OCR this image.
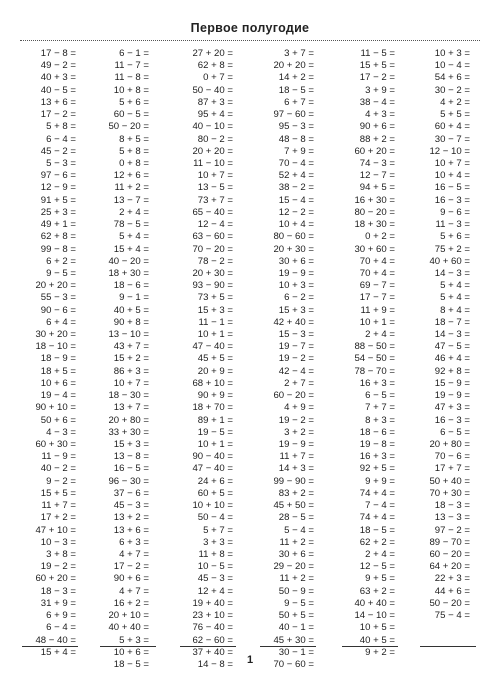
Первое полугодие
17 − 8 =
49 − 2 =
40 + 3 =
40 − 5 =
13 + 6 =
17 − 2 =
5 + 8 =
6 − 4 =
45 − 2 =
5 − 3 =
97 − 6 =
12 − 9 =
91 + 5 =
25 + 3 =
49 + 1 =
62 + 8 =
99 − 8 =
6 + 2 =
9 − 5 =
20 + 20 =
55 − 3 =
90 − 6 =
6 + 4 =
30 + 20 =
18 − 10 =
18 − 9 =
18 + 5 =
10 + 6 =
19 − 4 =
90 + 10 =
50 + 6 =
4 − 3 =
60 + 30 =
11 − 9 =
40 − 2 =
9 − 2 =
15 + 5 =
11 + 7 =
17 + 2 =
47 + 10 =
10 − 3 =
3 + 8 =
19 − 2 =
60 + 20 =
18 − 3 =
31 + 9 =
6 + 9 =
6 − 4 =
48 − 40 =
15 + 4 =
6 − 1 =
11 − 7 =
11 − 8 =
10 + 8 =
5 + 6 =
60 − 5 =
50 − 20 =
8 + 5 =
5 + 8 =
0 + 8 =
12 + 6 =
11 + 2 =
13 − 7 =
2 + 4 =
78 − 5 =
5 + 4 =
15 + 4 =
40 − 20 =
18 + 30 =
18 − 6 =
9 − 1 =
40 + 5 =
90 + 8 =
13 − 10 =
43 + 7 =
15 + 2 =
86 + 3 =
10 + 7 =
18 − 30 =
13 + 7 =
20 + 80 =
33 + 30 =
15 + 3 =
13 − 8 =
16 − 5 =
96 − 30 =
37 − 6 =
45 − 3 =
13 + 2 =
13 + 6 =
6 + 3 =
4 + 7 =
17 − 2 =
90 + 6 =
4 + 7 =
16 + 2 =
20 + 10 =
40 + 40 =
5 + 3 =
10 + 6 =
18 − 5 =
27 + 20 =
62 + 8 =
0 + 7 =
50 − 40 =
87 + 3 =
95 + 4 =
40 − 10 =
80 − 2 =
20 + 20 =
11 − 10 =
10 + 7 =
13 − 5 =
73 + 7 =
65 − 40 =
12 − 4 =
63 − 60 =
70 − 20 =
78 − 2 =
20 + 30 =
93 − 90 =
73 + 5 =
15 + 3 =
11 − 1 =
10 + 1 =
47 − 40 =
45 + 5 =
20 + 9 =
68 + 10 =
90 + 9 =
18 + 70 =
89 + 1 =
19 − 5 =
10 + 1 =
90 − 40 =
47 − 40 =
24 + 6 =
60 + 5 =
10 + 10 =
50 − 4 =
5 + 7 =
3 + 3 =
11 + 8 =
10 − 5 =
45 − 3 =
12 + 4 =
19 + 40 =
23 + 10 =
76 − 40 =
62 − 60 =
37 + 40 =
14 − 8 =
3 + 7 =
20 + 20 =
14 + 2 =
18 − 5 =
6 + 7 =
97 − 60 =
95 − 3 =
48 − 8 =
7 + 9 =
70 − 4 =
52 + 4 =
38 − 2 =
15 − 4 =
12 − 2 =
10 + 4 =
80 − 60 =
20 + 30 =
30 + 6 =
19 − 9 =
10 + 3 =
6 − 2 =
15 + 3 =
42 + 40 =
15 − 3 =
19 − 7 =
19 − 2 =
42 − 4 =
2 + 7 =
60 − 20 =
4 + 9 =
19 − 2 =
3 + 2 =
19 − 9 =
11 + 7 =
14 + 3 =
99 − 90 =
83 + 2 =
45 + 50 =
28 − 5 =
5 − 4 =
11 + 2 =
30 + 6 =
29 − 20 =
11 + 2 =
50 − 9 =
9 − 5 =
50 + 5 =
40 − 1 =
45 + 30 =
30 − 1 =
70 − 60 =
11 − 5 =
15 + 5 =
17 − 2 =
3 + 9 =
38 − 4 =
4 + 3 =
90 + 6 =
88 + 2 =
60 + 20 =
74 − 3 =
12 − 7 =
94 + 5 =
16 + 30 =
80 − 20 =
18 + 30 =
0 + 2 =
30 + 60 =
70 + 4 =
70 + 4 =
69 − 7 =
17 − 7 =
11 + 9 =
10 + 1 =
2 + 4 =
88 − 50 =
54 − 50 =
78 − 70 =
16 + 3 =
6 − 5 =
7 + 7 =
8 + 3 =
18 − 6 =
19 − 8 =
16 + 3 =
92 + 5 =
9 + 9 =
74 + 4 =
7 − 4 =
74 + 4 =
18 − 5 =
62 + 2 =
2 + 4 =
12 − 5 =
9 + 5 =
63 + 2 =
40 + 40 =
14 − 10 =
10 + 5 =
40 + 5 =
9 + 2 =
10 + 3 =
10 − 4 =
54 + 6 =
30 − 2 =
4 + 2 =
5 + 5 =
60 + 4 =
30 − 7 =
12 − 10 =
10 + 7 =
10 + 4 =
16 − 5 =
16 − 3 =
9 − 6 =
11 − 3 =
5 + 6 =
75 + 2 =
40 + 60 =
14 − 3 =
5 + 4 =
5 + 4 =
8 + 4 =
18 − 7 =
14 − 3 =
47 − 5 =
46 + 4 =
92 + 8 =
15 − 9 =
19 − 9 =
47 + 3 =
16 − 3 =
6 − 5 =
20 + 80 =
70 − 6 =
17 + 7 =
50 + 40 =
70 + 30 =
18 − 3 =
13 − 3 =
97 − 2 =
89 − 70 =
60 − 20 =
64 + 20 =
22 + 3 =
44 + 6 =
50 − 20 =
75 − 4 =
1
